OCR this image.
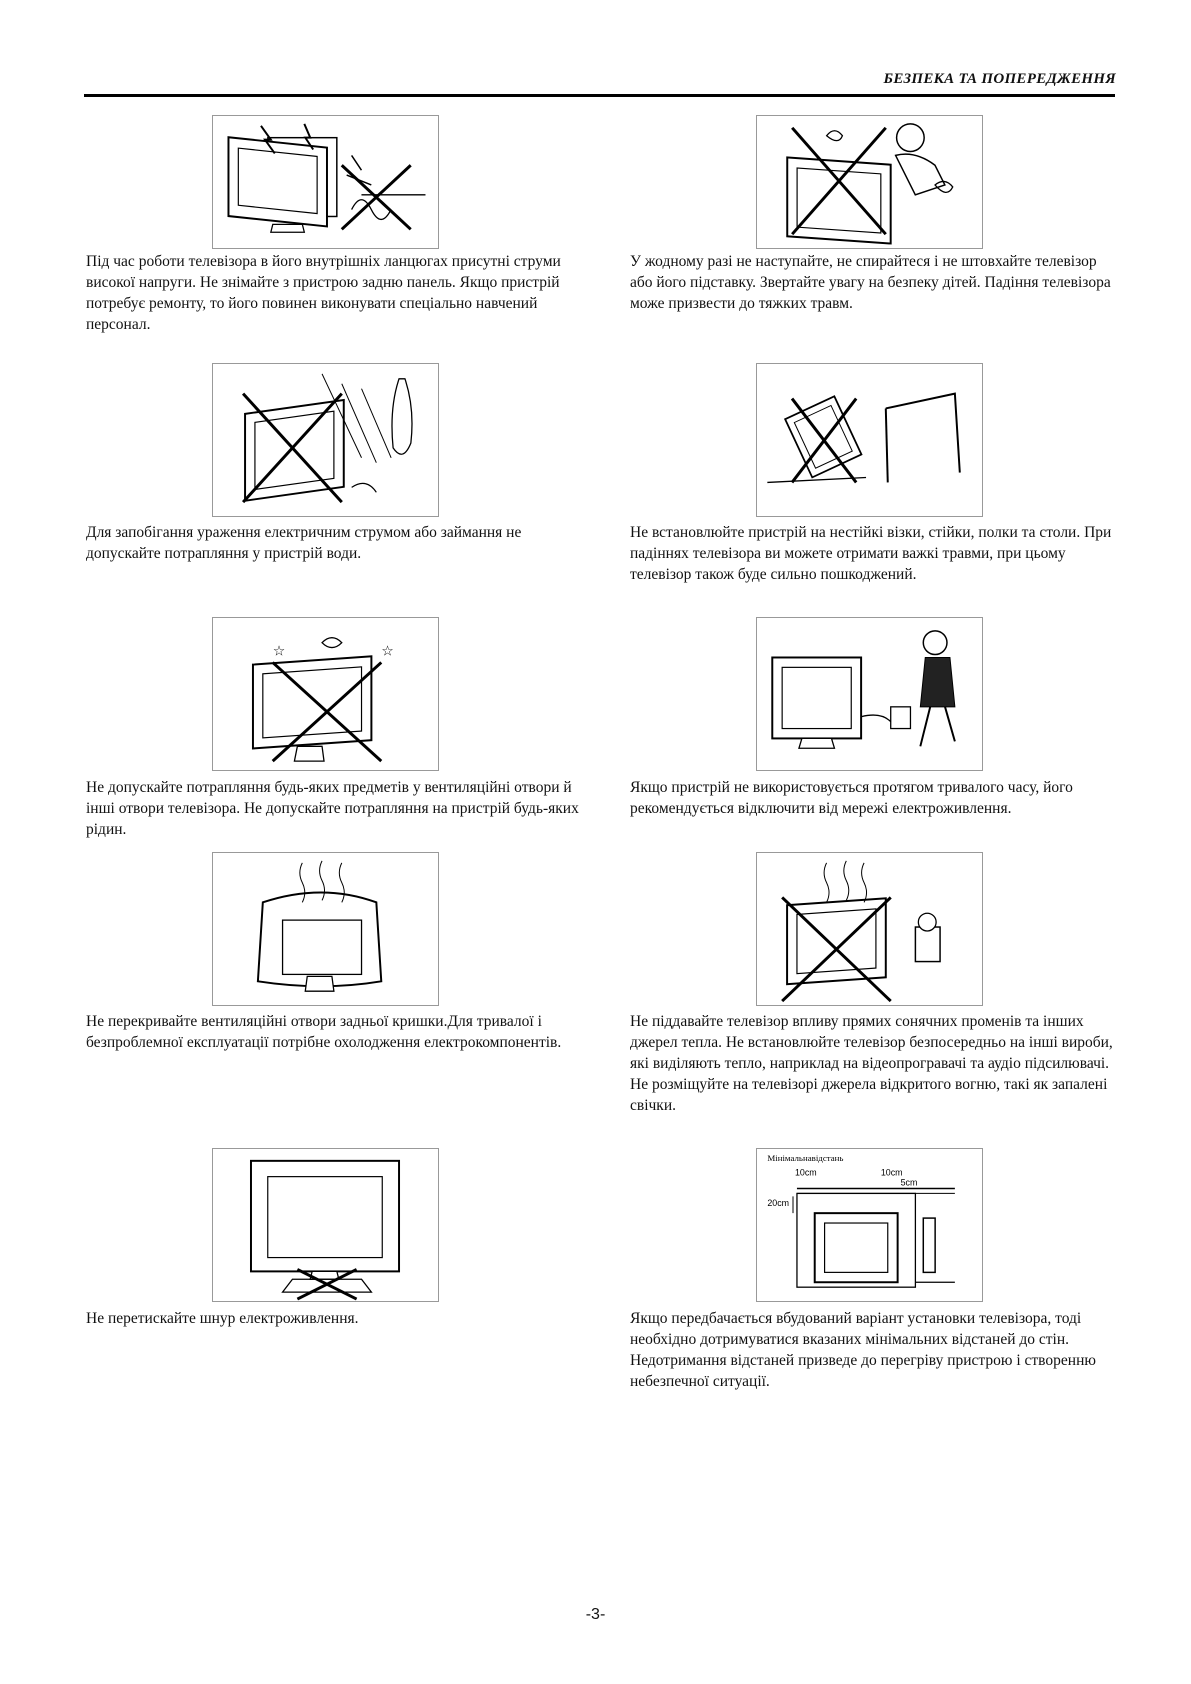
БЕЗПЕКА ТА ПОПЕРЕДЖЕННЯ
Під час роботи телевізора в його внутрішніх ланцюгах присутні струми високої напруги. Не знімайте з пристрою задню панель. Якщо пристрій потребує ремонту, то його повинен виконувати спеціально навчений персонал.
У жодному разі не наступайте, не спирайтеся і не штовхайте телевізор або його підставку. Звертайте увагу на безпеку дітей. Падіння телевізора може призвести до тяжких травм.
Для запобігання ураження електричним струмом або займання не допускайте потрапляння у пристрій води.
Не встановлюйте пристрій на нестійкі візки, стійки, полки та столи. При падіннях телевізора ви можете отримати важкі травми, при цьому телевізор також буде сильно пошкоджений.
☆	☆
Не допускайте потрапляння будь-яких предметів у вентиляційні отвори й інші отвори телевізора. Не допускайте потрапляння на пристрій будь-яких рідин.
Якщо пристрій не використовується протягом тривалого часу, його рекомендується відключити від мережі електроживлення.
Не перекривайте вентиляційні отвори задньої кришки.Для тривалої і безпроблемної експлуатації потрібне охолодження електрокомпонентів.
Не піддавайте телевізор впливу прямих сонячних променів та інших джерел тепла. Не встановлюйте телевізор безпосередньо на інші вироби, які виділяють тепло, наприклад на відеопрогравачі та аудіо підсилювачі. Не розміщуйте на телевізорі джерела відкритого вогню, такі як запалені свічки.
Не перетискайте шнур електроживлення.
Мінімальнавідстань
10cm	10cm
5cm
20cm
Якщо передбачається вбудований варіант установки телевізора, тоді необхідно дотримуватися вказаних мінімальних відстаней до стін. Недотримання відстаней призведе до перегріву пристрою і створенню небезпечної ситуації.
-3-
